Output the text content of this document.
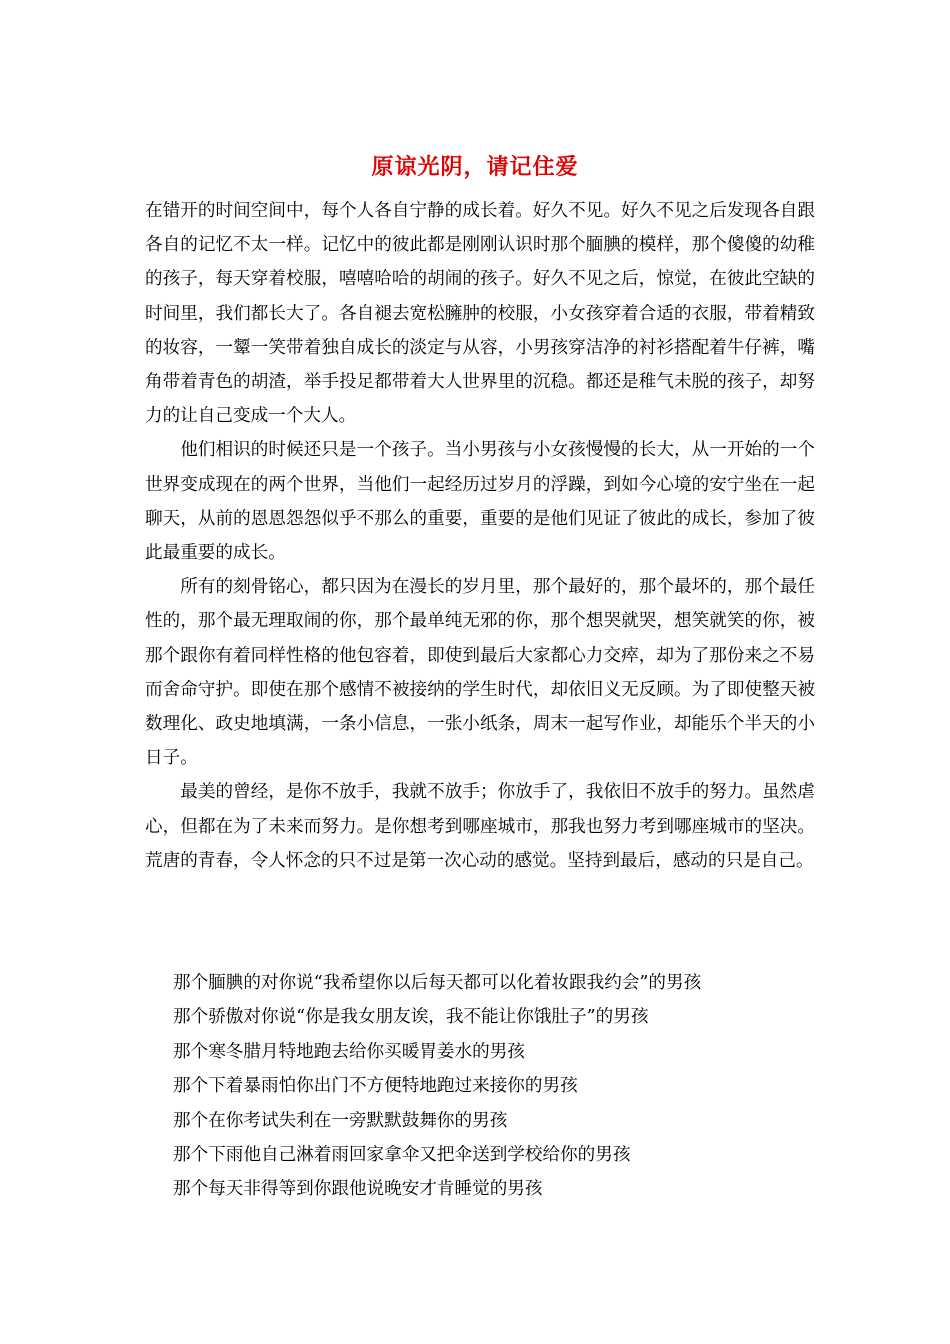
原谅光阴，请记住爱

在错开的时间空间中，每个人各自宁静的成长着。好久不见。好久不见之后发现各自跟各自的记忆不太一样。记忆中的彼此都是刚刚认识时那个腼腆的模样，那个傻傻的幼稚的孩子，每天穿着校服，嘻嘻哈哈的胡闹的孩子。好久不见之后，惊觉，在彼此空缺的时间里，我们都长大了。各自褪去宽松臃肿的校服，小女孩穿着合适的衣服，带着精致的妆容，一颦一笑带着独自成长的淡定与从容，小男孩穿洁净的衬衫搭配着牛仔裤，嘴角带着青色的胡渣，举手投足都带着大人世界里的沉稳。都还是稚气未脱的孩子，却努力的让自己变成一个大人。

他们相识的时候还只是一个孩子。当小男孩与小女孩慢慢的长大，从一开始的一个世界变成现在的两个世界，当他们一起经历过岁月的浮躁，到如今心境的安宁坐在一起聊天，从前的恩恩怨怨似乎不那么的重要，重要的是他们见证了彼此的成长，参加了彼此最重要的成长。

所有的刻骨铭心，都只因为在漫长的岁月里，那个最好的，那个最坏的，那个最任性的，那个最无理取闹的你，那个最单纯无邪的你，那个想哭就哭，想笑就笑的你，被那个跟你有着同样性格的他包容着，即使到最后大家都心力交瘁，却为了那份来之不易而舍命守护。即使在那个感情不被接纳的学生时代，却依旧义无反顾。为了即使整天被数理化、政史地填满，一条小信息，一张小纸条，周末一起写作业，却能乐个半天的小日子。

最美的曾经，是你不放手，我就不放手；你放手了，我依旧不放手的努力。虽然虐心，但都在为了未来而努力。是你想考到哪座城市，那我也努力考到哪座城市的坚决。荒唐的青春，令人怀念的只不过是第一次心动的感觉。坚持到最后，感动的只是自己。

那个腼腆的对你说“我希望你以后每天都可以化着妆跟我约会”的男孩
那个骄傲对你说“你是我女朋友诶，我不能让你饿肚子”的男孩
那个寒冬腊月特地跑去给你买暖胃姜水的男孩
那个下着暴雨怕你出门不方便特地跑过来接你的男孩
那个在你考试失利在一旁默默鼓舞你的男孩
那个下雨他自己淋着雨回家拿伞又把伞送到学校给你的男孩
那个每天非得等到你跟他说晚安才肯睡觉的男孩
